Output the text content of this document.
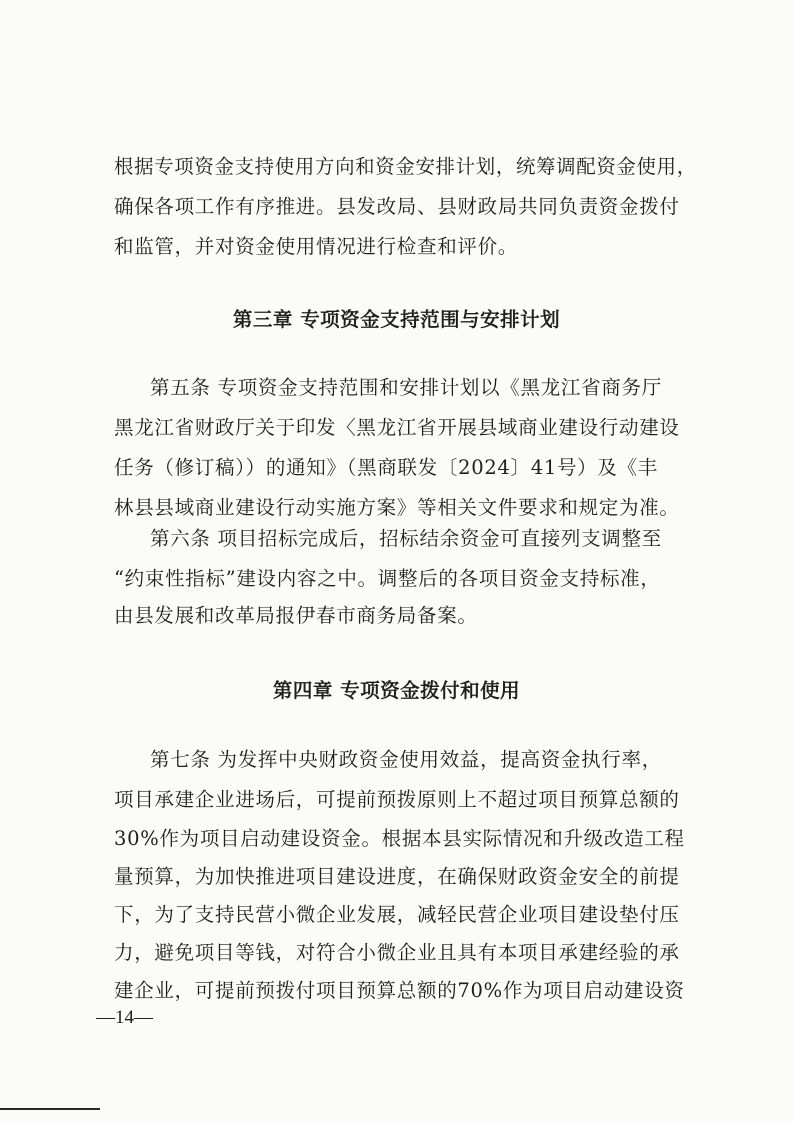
根据专项资金支持使用方向和资金安排计划，统筹调配资金使用，
确保各项工作有序推进。县发改局、县财政局共同负责资金拨付
和监管，并对资金使用情况进行检查和评价。
第三章 专项资金支持范围与安排计划
第五条 专项资金支持范围和安排计划以《黑龙江省商务厅
黑龙江省财政厅关于印发〈黑龙江省开展县域商业建设行动建设
任务（修订稿））的通知》（黑商联发〔2024〕41号）及《丰
林县县域商业建设行动实施方案》等相关文件要求和规定为准。
第六条 项目招标完成后，招标结余资金可直接列支调整至
“约束性指标”建设内容之中。调整后的各项目资金支持标准，
由县发展和改革局报伊春市商务局备案。
第四章 专项资金拨付和使用
第七条 为发挥中央财政资金使用效益，提高资金执行率，
项目承建企业进场后，可提前预拨原则上不超过项目预算总额的
30%作为项目启动建设资金。根据本县实际情况和升级改造工程
量预算，为加快推进项目建设进度，在确保财政资金安全的前提
下，为了支持民营小微企业发展，减轻民营企业项目建设垫付压
力，避免项目等钱，对符合小微企业且具有本项目承建经验的承
建企业，可提前预拨付项目预算总额的70%作为项目启动建设资
—14—
